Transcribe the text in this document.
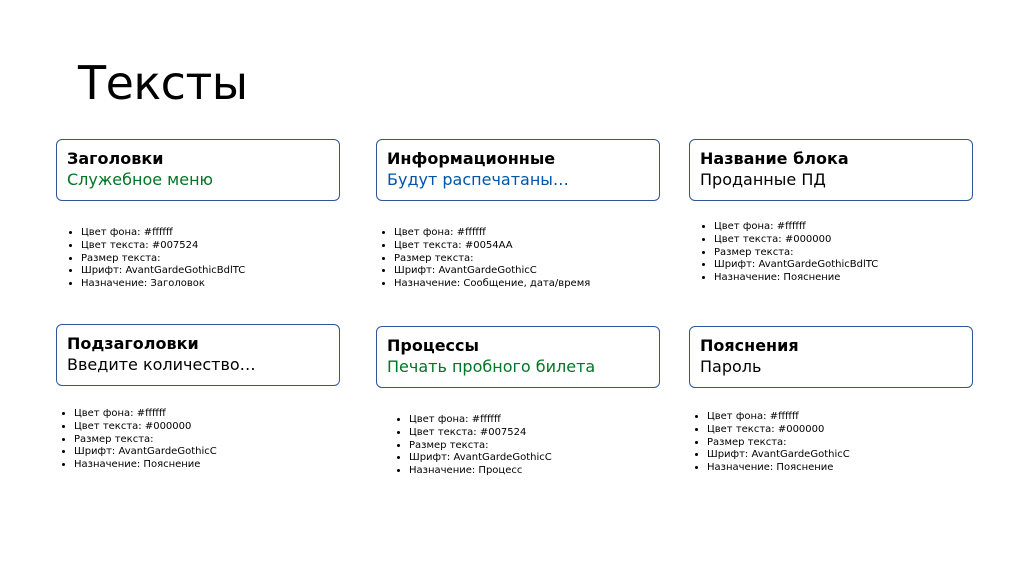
Тексты
Заголовки
Служебное меню
• Цвет фона: #ffffff
• Цвет текста: #007524
• Размер текста:
• Шрифт: AvantGardeGothicBdlTC
• Назначение: Заголовок
Информационные
Будут распечатаны…
• Цвет фона: #ffffff
• Цвет текста: #0054AA
• Размер текста:
• Шрифт: AvantGardeGothicC
• Назначение: Сообщение, дата/время
Название блока
Проданные ПД
• Цвет фона: #ffffff
• Цвет текста: #000000
• Размер текста:
• Шрифт: AvantGardeGothicBdlTC
• Назначение: Пояснение
Подзаголовки
Введите количество…
• Цвет фона: #ffffff
• Цвет текста: #000000
• Размер текста:
• Шрифт: AvantGardeGothicC
• Назначение: Пояснение
Процессы
Печать пробного билета
• Цвет фона: #ffffff
• Цвет текста: #007524
• Размер текста:
• Шрифт: AvantGardeGothicC
• Назначение: Процесс
Пояснения
Пароль
• Цвет фона: #ffffff
• Цвет текста: #000000
• Размер текста:
• Шрифт: AvantGardeGothicC
• Назначение: Пояснение
